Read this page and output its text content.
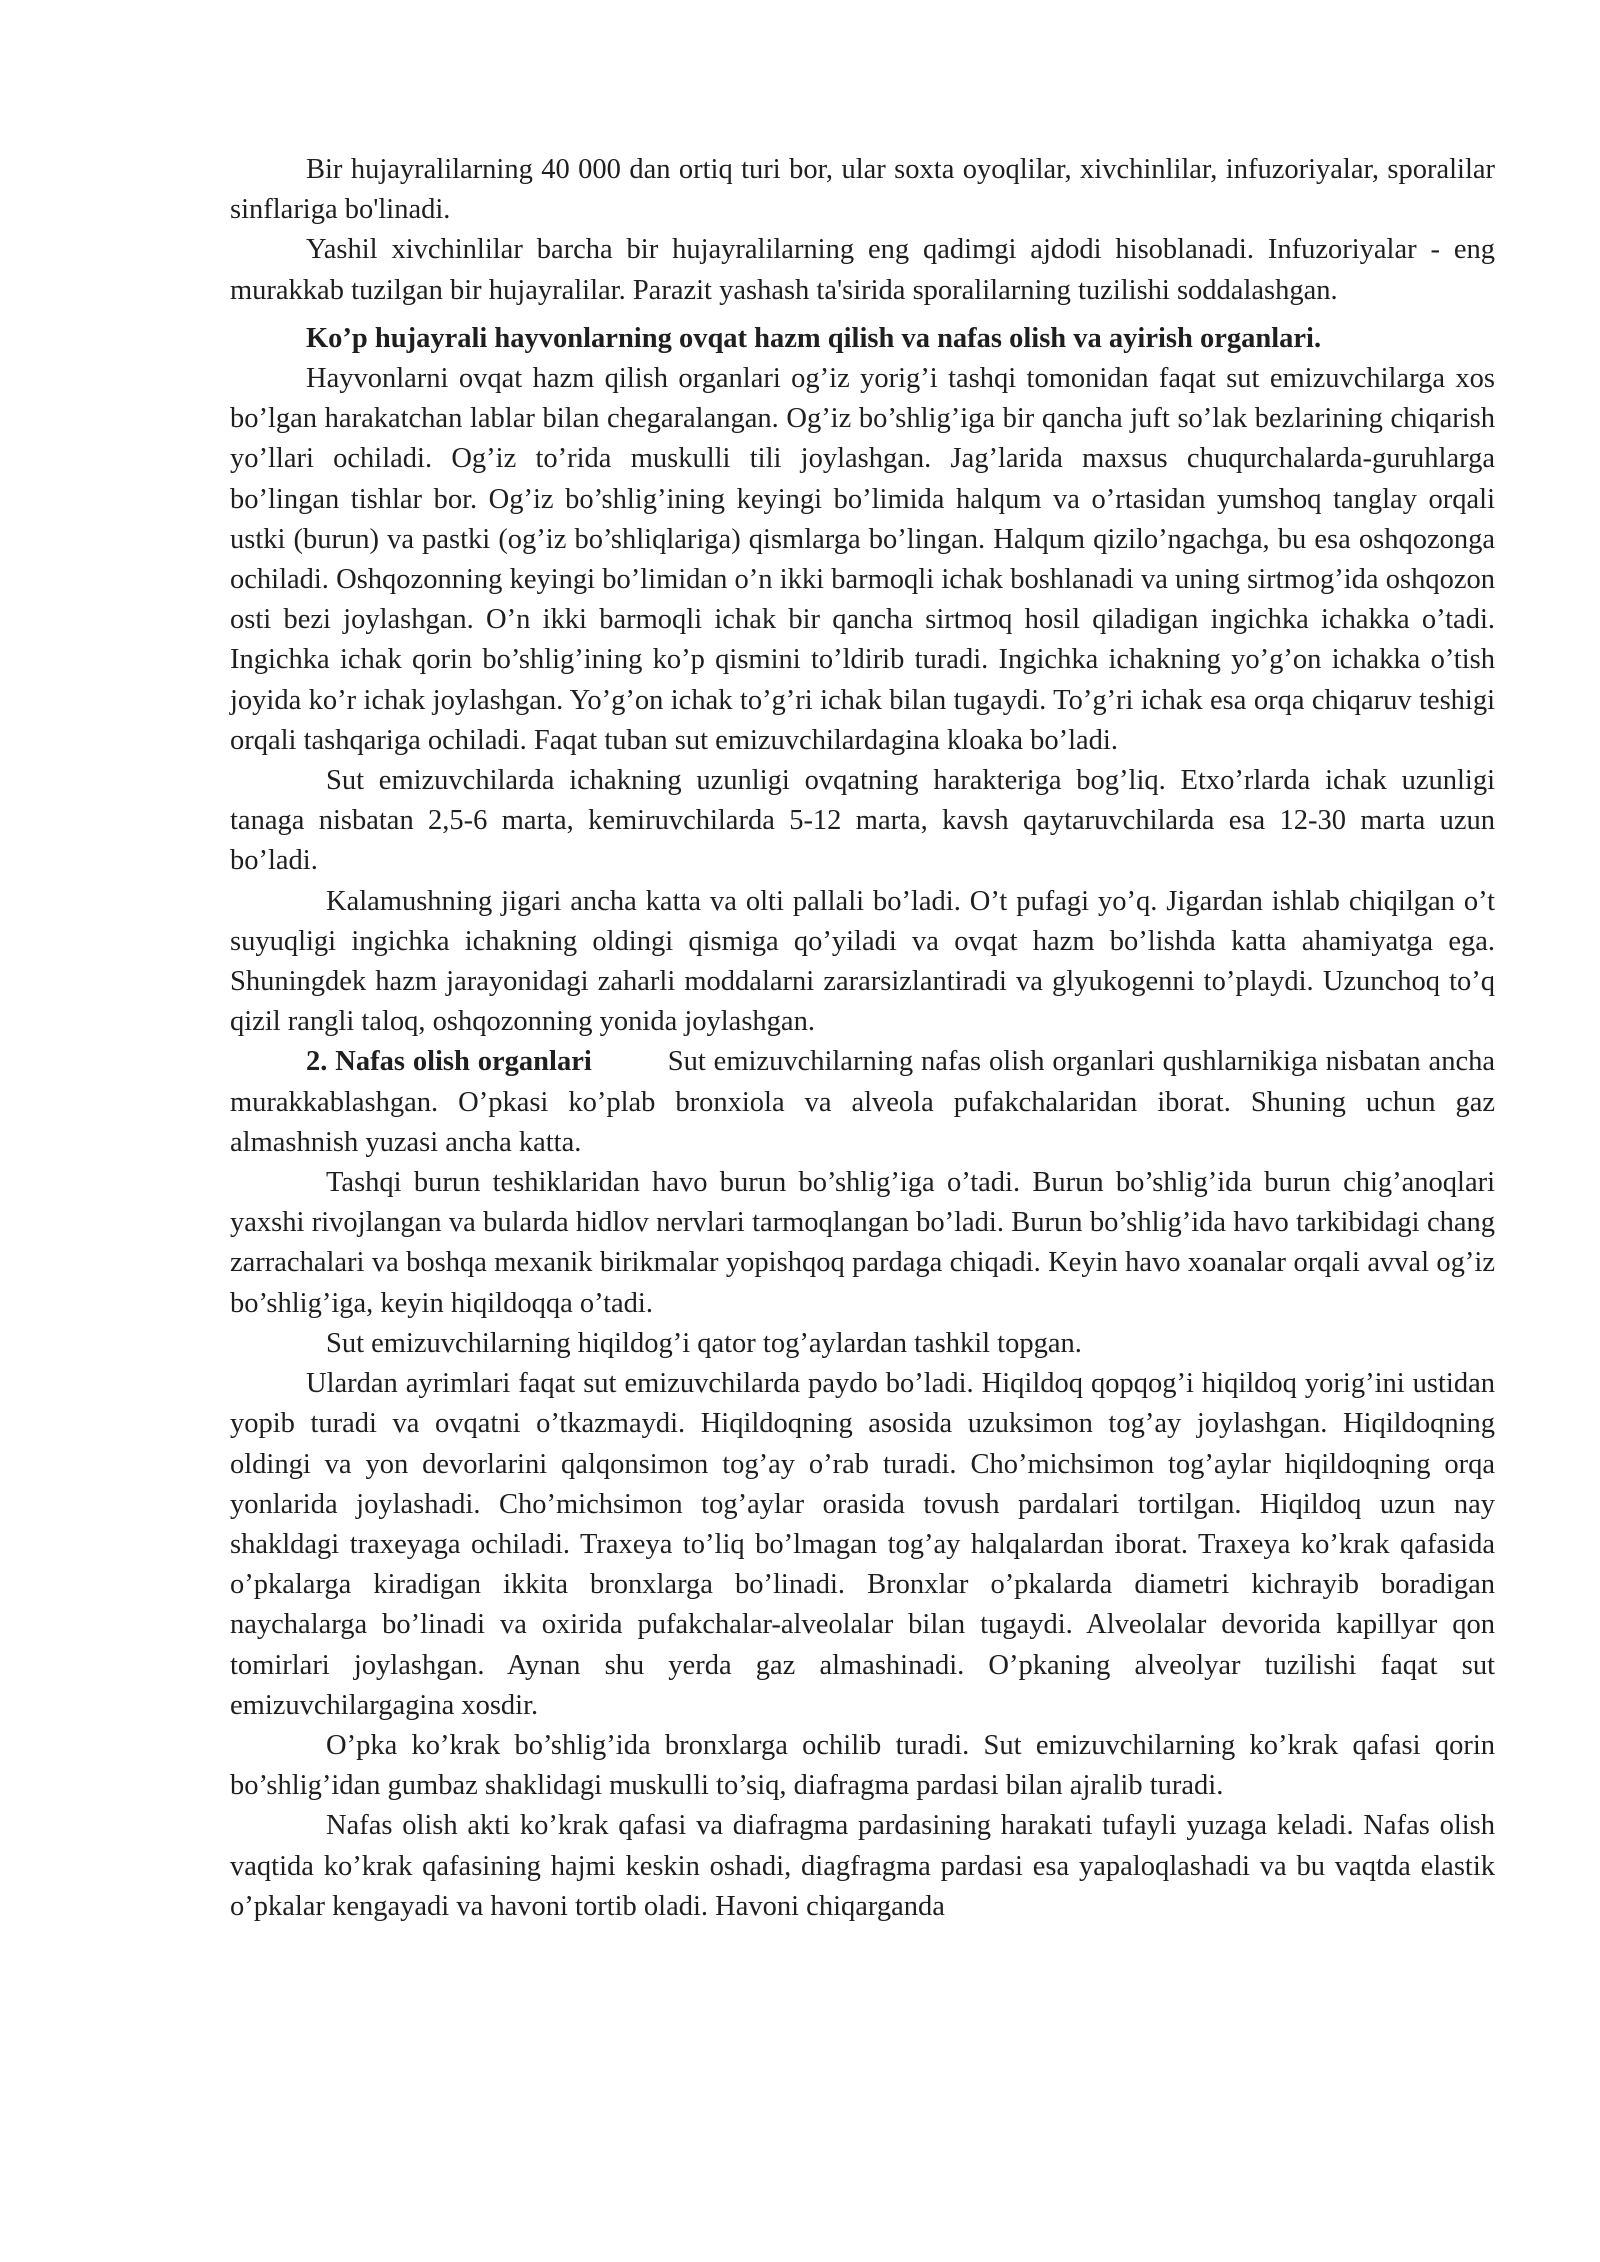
Bir hujayralilarning 40 000 dan ortiq turi bor, ular soxta oyoqlilar, xivchinlilar, infuzoriyalar, sporalilar sinflariga bo'linadi.

Yashil xivchinlilar barcha bir hujayralilarning eng qadimgi ajdodi hisoblanadi. Infuzoriyalar - eng murakkab tuzilgan bir hujayralilar. Parazit yashash ta'sirida sporalilarning tuzilishi soddalashgan.

Ko’p hujayrali hayvonlarning ovqat hazm qilish va nafas olish va ayirish organlari.

Hayvonlarni ovqat hazm qilish organlari og’iz yorig’i tashqi tomonidan faqat sut emizuvchilarga xos bo’lgan harakatchan lablar bilan chegaralangan. Og’iz bo’shlig’iga bir qancha juft so’lak bezlarining chiqarish yo’llari ochiladi. Og’iz to’rida muskulli tili joylashgan. Jag’larida maxsus chuqurchalarda-guruhlarga bo’lingan tishlar bor. Og’iz bo’shlig’ining keyingi bo’limida halqum va o’rtasidan yumshoq tanglay orqali ustki (burun) va pastki (og’iz bo’shliqlariga) qismlarga bo’lingan. Halqum qizilo’ngachga, bu esa oshqozonga ochiladi. Oshqozonning keyingi bo’limidan o’n ikki barmoqli ichak boshlanadi va uning sirtmog’ida oshqozon osti bezi joylashgan. O’n ikki barmoqli ichak bir qancha sirtmoq hosil qiladigan ingichka ichakka o’tadi. Ingichka ichak qorin bo’shlig’ining ko’p qismini to’ldirib turadi. Ingichka ichakning yo’g’on ichakka o’tish joyida ko’r ichak joylashgan. Yo’g’on ichak to’g’ri ichak bilan tugaydi. To’g’ri ichak esa orqa chiqaruv teshigi orqali tashqariga ochiladi. Faqat tuban sut emizuvchilardagina kloaka bo’ladi.

Sut emizuvchilarda ichakning uzunligi ovqatning harakteriga bog’liq. Etxo’rlarda ichak uzunligi tanaga nisbatan 2,5-6 marta, kemiruvchilarda 5-12 marta, kavsh qaytaruvchilarda esa 12-30 marta uzun bo’ladi.

Kalamushning jigari ancha katta va olti pallali bo’ladi. O’t pufagi yo’q. Jigardan ishlab chiqilgan o’t suyuqligi ingichka ichakning oldingi qismiga qo’yiladi va ovqat hazm bo’lishda katta ahamiyatga ega. Shuningdek hazm jarayonidagi zaharli moddalarni zararsizlantiradi va glyukogenni to’playdi. Uzunchoq to’q qizil rangli taloq, oshqozonning yonida joylashgan.

2. Nafas olish organlari	Sut emizuvchilarning nafas olish organlari qushlarnikiga nisbatan ancha murakkablashgan. O’pkasi ko’plab bronxiola va alveola pufakchalaridan iborat. Shuning uchun gaz almashnish yuzasi ancha katta.

Tashqi burun teshiklaridan havo burun bo’shlig’iga o’tadi. Burun bo’shlig’ida burun chig’anoqlari yaxshi rivojlangan va bularda hidlov nervlari tarmoqlangan bo’ladi. Burun bo’shlig’ida havo tarkibidagi chang zarrachalari va boshqa mexanik birikmalar yopishqoq pardaga chiqadi. Keyin havo xoanalar orqali avval og’iz bo’shlig’iga, keyin hiqildoqqa o’tadi.

Sut emizuvchilarning hiqildog’i qator tog’aylardan tashkil topgan.

Ulardan ayrimlari faqat sut emizuvchilarda paydo bo’ladi. Hiqildoq qopqog’i hiqildoq yorig’ini ustidan yopib turadi va ovqatni o’tkazmaydi. Hiqildoqning asosida uzuksimon tog’ay joylashgan. Hiqildoqning oldingi va yon devorlarini qalqonsimon tog’ay o’rab turadi. Cho’michsimon tog’aylar hiqildoqning orqa yonlarida joylashadi. Cho’michsimon tog’aylar orasida tovush pardalari tortilgan. Hiqildoq uzun nay shakldagi traxeyaga ochiladi. Traxeya to’liq bo’lmagan tog’ay halqalardan iborat. Traxeya ko’krak qafasida o’pkalarga kiradigan ikkita bronxlarga bo’linadi. Bronxlar o’pkalarda diametri kichrayib boradigan naychalarga bo’linadi va oxirida pufakchalar-alveolalar bilan tugaydi. Alveolalar devorida kapillyar qon tomirlari joylashgan. Aynan shu yerda gaz almashinadi. O’pkaning alveolyar tuzilishi faqat sut emizuvchilargagina xosdir.

O’pka ko’krak bo’shlig’ida bronxlarga ochilib turadi. Sut emizuvchilarning ko’krak qafasi qorin bo’shlig’idan gumbaz shaklidagi muskulli to’siq, diafragma pardasi bilan ajralib turadi.

Nafas olish akti ko’krak qafasi va diafragma pardasining harakati tufayli yuzaga keladi. Nafas olish vaqtida ko’krak qafasining hajmi keskin oshadi, diagfragma pardasi esa yapaloqlashadi va bu vaqtda elastik o’pkalar kengayadi va havoni tortib oladi. Havoni chiqarganda
